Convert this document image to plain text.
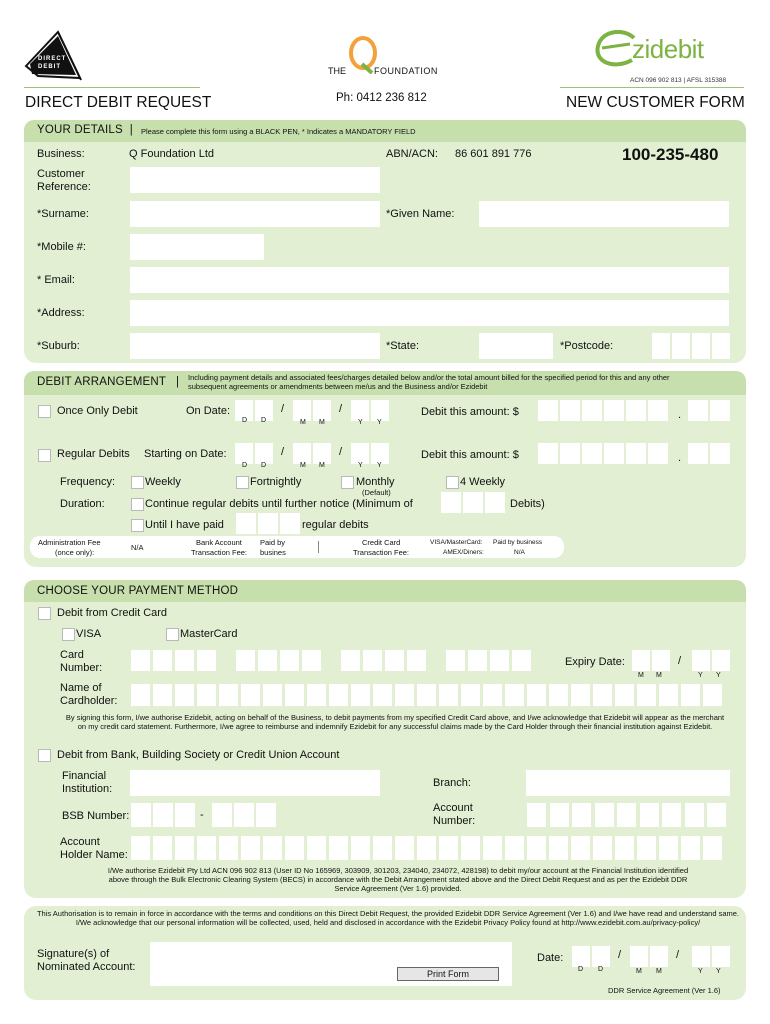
DIRECT
DEBIT	THE	FOUNDATION
Ph: 0412 236 812
zidebit
ACN 096 902 813 | AFSL 315388
DIRECT DEBIT REQUEST	NEW CUSTOMER FORM
YOUR DETAILS  | Please complete this form using a BLACK PEN, * Indicates a MANDATORY FIELD
Business:	Q Foundation Ltd	ABN/ACN: 86 601 891 776	100-235-480
Customer Reference:
*Surname:	*Given Name:
*Mobile #:
* Email:
*Address:
*Suburb:	*State:	*Postcode:
DEBIT ARRANGEMENT   | Including payment details and associated fees/charges detailed below and/or the total amount billed for the specified period for this and any other subsequent agreements or amendments between me/us and the Business and/or Ezidebit
Once Only Debit	On Date:	/	/
D D	M M	Y Y
Debit this amount: $	.
Regular Debits Starting on Date:	/	/
D D	M M	Y Y
Debit this amount: $	.
Frequency:	Weekly	Fortnightly	Monthly
(Default)
4 Weekly
Duration:	Continue regular debits until further notice (Minimum of	Debits)
Until I have paid	regular debits
Administration Fee
(once only):
N/A
Bank Account
Transaction Fee:
Paid by
busines
Credit Card
Transaction Fee:
VISA/MasterCard: Paid by business
AMEX/Diners:	N/A
CHOOSE YOUR PAYMENT METHOD
Debit from Credit Card
VISA	MasterCard
Card Number:	Expiry Date:	/
M M	Y Y
Name of Cardholder:
By signing this form, I/we authorise Ezidebit, acting on behalf of the Business, to debit payments from my specified Credit Card above, and I/we acknowledge that Ezidebit will appear as the merchant on my credit card statement. Furthermore, I/we agree to reimburse and indemnify Ezidebit for any successful claims made by the Card Holder through their financial institution against Ezidebit.
Debit from Bank, Building Society or Credit Union Account
Financial Institution:	Branch:
BSB Number:	-
Account Number:
Account Holder Name:
I/We authorise Ezidebit Pty Ltd ACN 096 902 813 (User ID No 165969, 303909, 301203, 234040, 234072, 428198) to debit my/our account at the Financial Institution identified above through the Bulk Electronic Clearing System (BECS) in accordance with the Debit Arrangement stated above and the Direct Debit Request and as per the Ezidebit DDR Service Agreement (Ver 1.6) provided.
This Authorisation is to remain in force in accordance with the terms and conditions on this Direct Debit Request, the provided Ezidebit DDR Service Agreement (Ver 1.6) and I/we have read and understand same. I/We acknowledge that our personal information will be collected, used, held and disclosed in accordance with the Ezidebit Privacy Policy found at http://www.ezidebit.com.au/privacy-policy/
Signature(s) of Nominated Account:
Print Form
Date:	/	/
D D	M M	Y Y
DDR Service Agreement (Ver 1.6)
